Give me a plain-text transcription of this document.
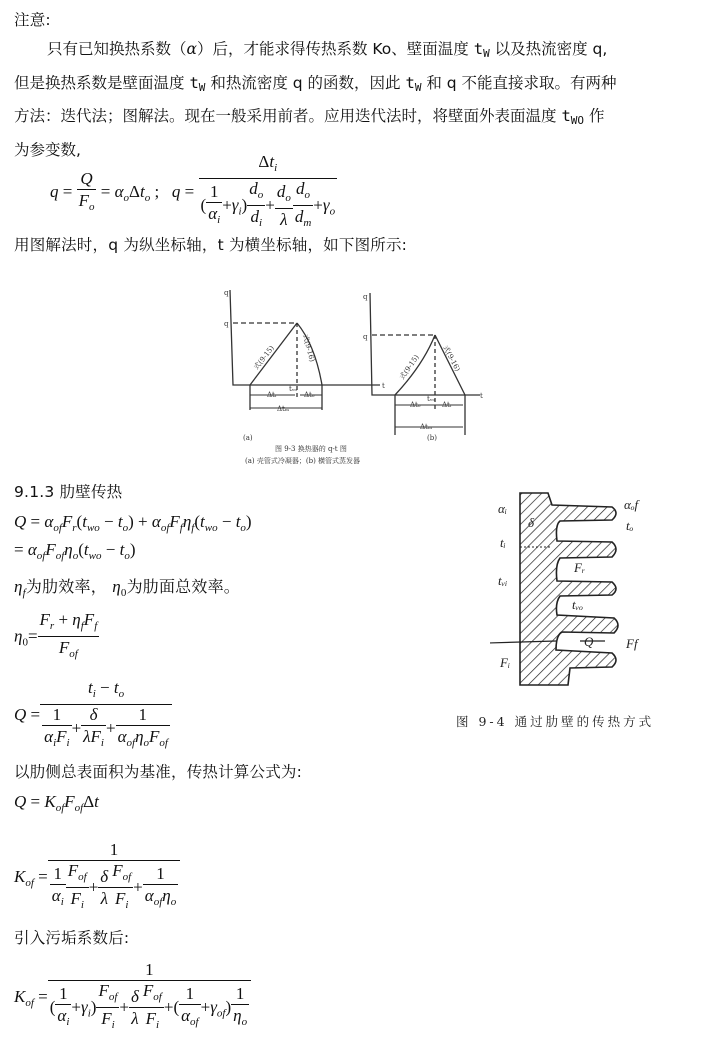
注意:
只有已知换热系数（α）后，才能求得传热系数 Ko、壁面温度 $t_W$ 以及热流密度 q,
但是换热系数是壁面温度 $t_W$ 和热流密度 q 的函数，因此 $t_W$ 和 q 不能直接求取。有两种
方法：迭代法；图解法。现在一般采用前者。应用迭代法时，将壁面外表面温度 $t_{WO}$ 作
为参变数,
$q = \frac{Q}{F_o} = \alpha_o\Delta t_o$ ;   $q = \frac{\Delta t_i}{( \frac{1}{\alpha_i} +\gamma_i) \frac{d_o}{d_i} + \frac{d_o}{\lambda} \frac{d_o}{d_m} +\gamma_o}$
用图解法时，q 为纵坐标轴，t 为横坐标轴，如下图所示:
q
q
t
q
q
t
式(9-15)	式(9-16)
式(9-15)	式(9-16)
Δtᵢ	Δtₒ
Δtₘ
tᵥₒ
Δtₒ	Δtᵢ
Δtₘ
tᵥₒ
(a)	(b)
图 9-3 换热器的 q-t 图
(a) 壳管式冷凝器；(b) 横管式蒸发器
9.1.3 肋壁传热
$Q = \alpha_{of}F_r(t_{wo} - t_o) + \alpha_{of}F_f\eta_f(t_{wo} - t_o)$
= $\alpha_{of}F_{of}\eta_o(t_{wo} - t_o)$
$\eta_f$为肋效率， $\eta_0$为肋面总效率。
$\eta_0= \frac{F_r + \eta_fF_f}{F_{of}}$
$Q = \frac{t_i - t_o}{\frac{1}{\alpha_iF_i} + \frac{\delta}{\lambda F_i} + \frac{1}{\alpha_{of}\eta_oF_{of}}}$
αᵢ
δ
tᵢ
tᵥᵢ
Fᵢ
αₒf
tₒ
Fᵣ
tᵥₒ
Q	Ff
图 9-4 通过肋壁的传热方式
以肋侧总表面积为基准，传热计算公式为:
$Q = K_{of}F_{of}\Delta t$
$K_{of} = \frac{1}{\frac{1}{\alpha_i} \frac{F_{of}}{F_i} + \frac{\delta}{\lambda} \frac{F_{of}}{F_i} + \frac{1}{\alpha_{of}\eta_o}}$
引入污垢系数后:
$K_{of} = \frac{1}{( \frac{1}{\alpha_i} +\gamma_i) \frac{F_{of}}{F_i} + \frac{\delta}{\lambda} \frac{F_{of}}{F_i} +( \frac{1}{\alpha_{of}} +\gamma_{of}) \frac{1}{\eta_o}}$
